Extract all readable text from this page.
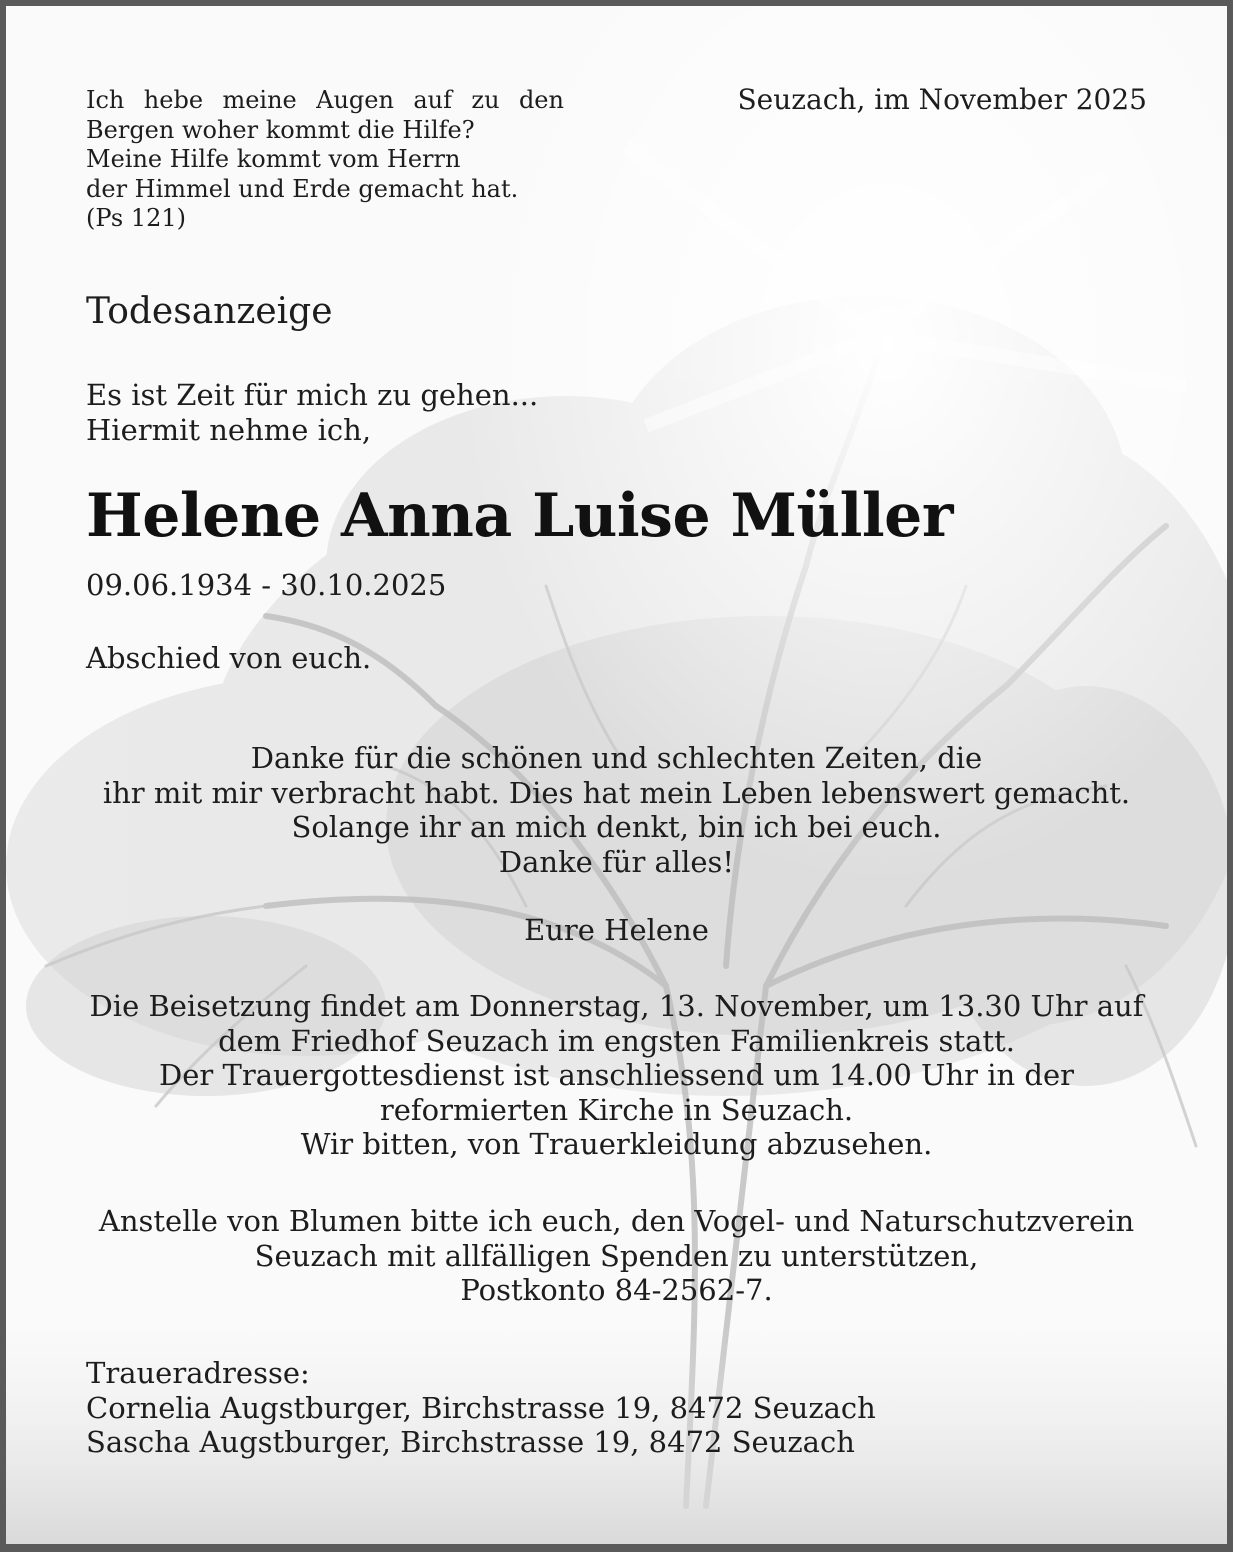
Ich hebe meine Augen auf zu den
Bergen woher kommt die Hilfe?
Meine Hilfe kommt vom Herrn
der Himmel und Erde gemacht hat.
(Ps 121)

Seuzach, im November 2025

Todesanzeige
Es ist Zeit für mich zu gehen...
Hiermit nehme ich,
Helene Anna Luise Müller

09.06.1934 - 30.10.2025

Abschied von euch.

Danke für die schönen und schlechten Zeiten, die
ihr mit mir verbracht habt. Dies hat mein Leben lebenswert gemacht.
Solange ihr an mich denkt, bin ich bei euch.
Danke für alles!
Eure Helene
Die Beisetzung findet am Donnerstag, 13. November, um 13.30 Uhr auf
dem Friedhof Seuzach im engsten Familienkreis statt.
Der Trauergottesdienst ist anschliessend um 14.00 Uhr in der
reformierten Kirche in Seuzach.
Wir bitten, von Trauerkleidung abzusehen.
Anstelle von Blumen bitte ich euch, den Vogel- und Naturschutzverein
Seuzach mit allfälligen Spenden zu unterstützen,
Postkonto 84-2562-7.
Traueradresse:
Cornelia Augstburger, Birchstrasse 19, 8472 Seuzach
Sascha Augstburger, Birchstrasse 19, 8472 Seuzach
